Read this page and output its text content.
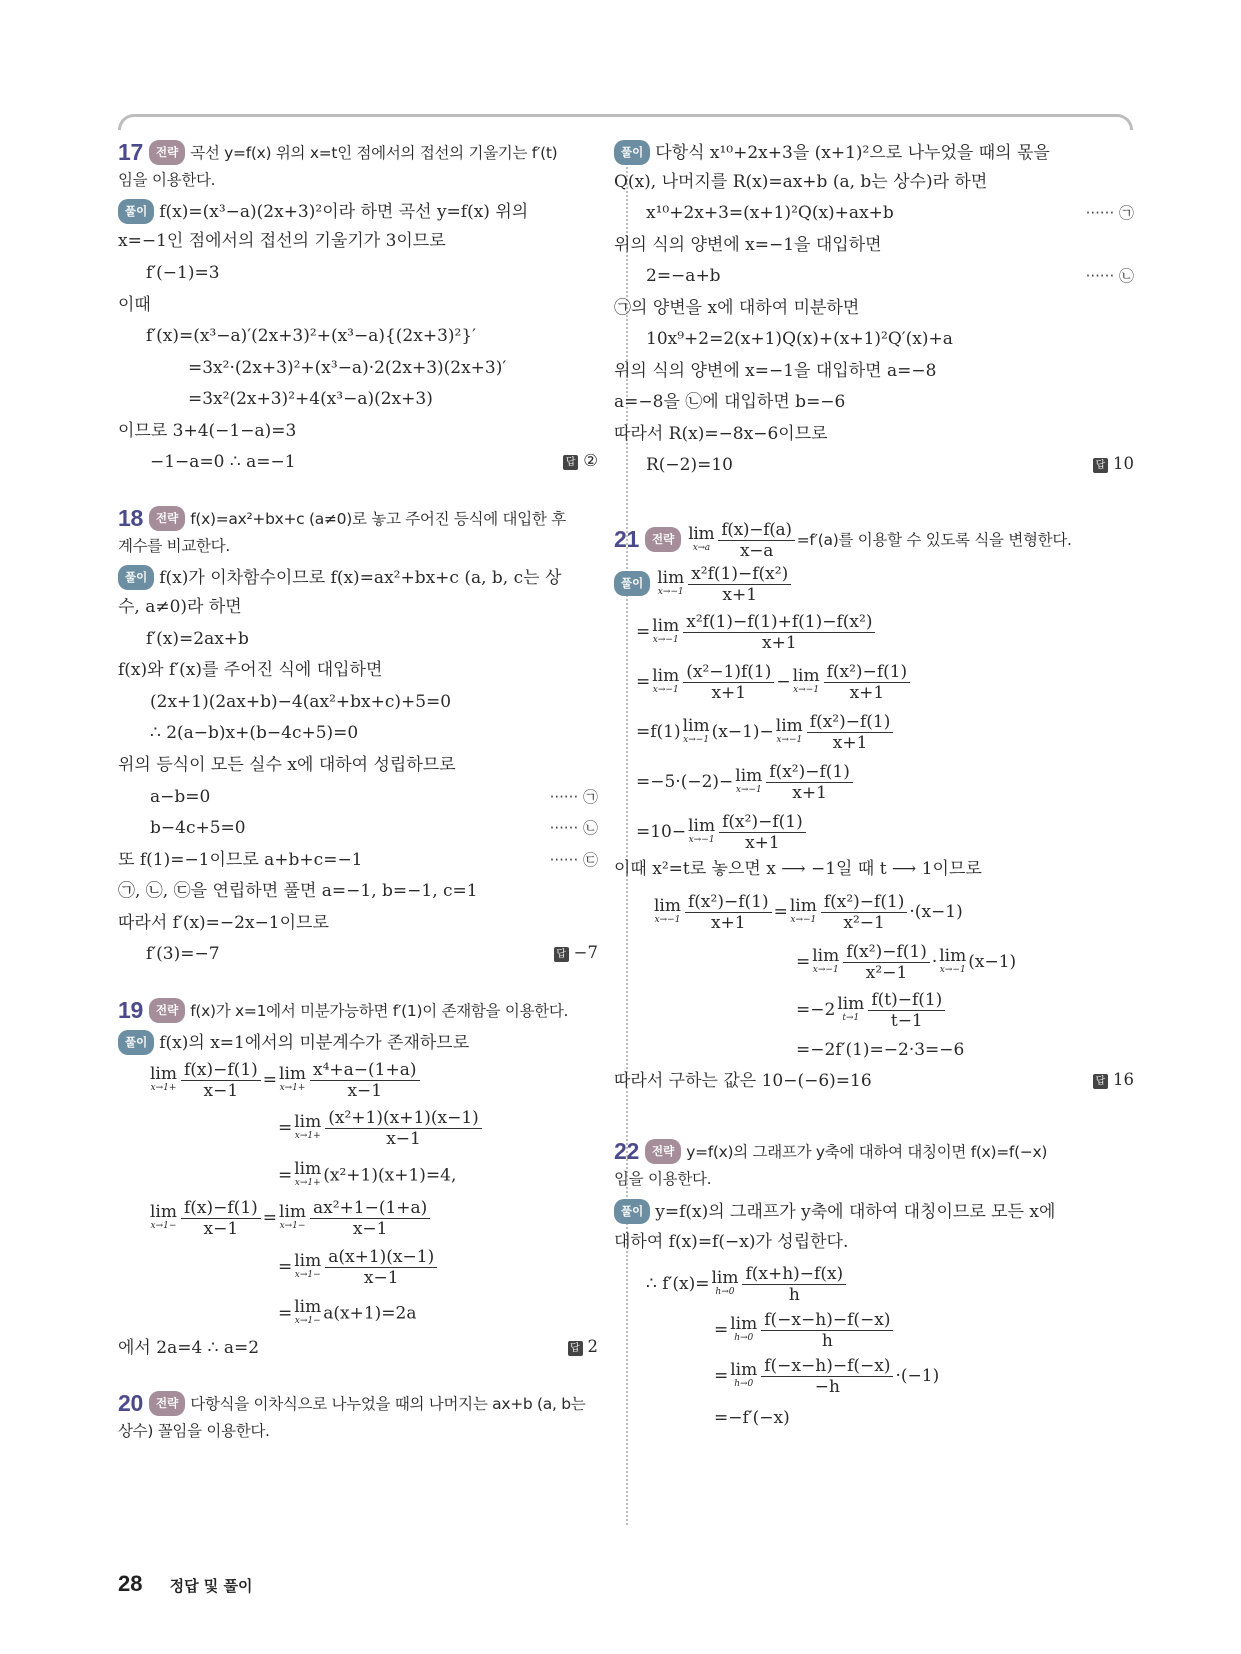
17 전략 곡선 y=f(x) 위의 x=t인 점에서의 접선의 기울기는 f′(t)
임을 이용한다.
풀이 f(x)=(x³−a)(2x+3)²이라 하면 곡선 y=f(x) 위의
x=−1인 점에서의 접선의 기울기가 3이므로
f′(−1)=3
이때
f′(x)=(x³−a)′(2x+3)²+(x³−a){(2x+3)²}′
=3x²·(2x+3)²+(x³−a)·2(2x+3)(2x+3)′
=3x²(2x+3)²+4(x³−a)(2x+3)
이므로 3+4(−1−a)=3
−1−a=0 ∴ a=−1	답 ②
18 전략 f(x)=ax²+bx+c (a≠0)로 놓고 주어진 등식에 대입한 후
계수를 비교한다.
풀이 f(x)가 이차함수이므로 f(x)=ax²+bx+c (a, b, c는 상
수, a≠0)라 하면
f′(x)=2ax+b
f(x)와 f′(x)를 주어진 식에 대입하면
(2x+1)(2ax+b)−4(ax²+bx+c)+5=0
∴ 2(a−b)x+(b−4c+5)=0
위의 등식이 모든 실수 x에 대하여 성립하므로
a−b=0	······ ㉠
b−4c+5=0	······ ㉡
또 f(1)=−1이므로 a+b+c=−1	······ ㉢
㉠, ㉡, ㉢을 연립하면 풀면 a=−1, b=−1, c=1
따라서 f′(x)=−2x−1이므로
f′(3)=−7	답 −7
19 전략 f(x)가 x=1에서 미분가능하면 f′(1)이 존재함을 이용한다.
풀이 f(x)의 x=1에서의 미분계수가 존재하므로
lim
$x\to 1+ \frac{f(x)-f(1)}{x-1} = \lim$
$x\to 1+ \frac{\text{x⁴+a−(1+a)}}{x-1}$
= lim
$x\to 1+ \frac{\text{(x²+1)(x+1)(x−1)}}{x-1}$
= lim
x→1+ (x²+1)(x+1)=4,
lim
$x\to 1- \frac{f(x)-f(1)}{x-1} = \lim$
$x\to 1- \frac{\text{ax²+1−(1+a)}}{x-1}$
= lim
$x\to 1- \frac{a(x+1)(x-1)}{x-1}$
= lim
x→1− a(x+1)=2a
에서 2a=4 ∴ a=2	답 2
20 전략 다항식을 이차식으로 나누었을 때의 나머지는 ax+b (a, b는
상수) 꼴임을 이용한다.
풀이 다항식 x¹⁰+2x+3을 (x+1)²으로 나누었을 때의 몫을
Q(x), 나머지를 R(x)=ax+b (a, b는 상수)라 하면
x¹⁰+2x+3=(x+1)²Q(x)+ax+b	······ ㉠
위의 식의 양변에 x=−1을 대입하면
2=−a+b	······ ㉡
㉠의 양변을 x에 대하여 미분하면
10x⁹+2=2(x+1)Q(x)+(x+1)²Q′(x)+a
위의 식의 양변에 x=−1을 대입하면 a=−8
a=−8을 ㉡에 대입하면 b=−6
따라서 R(x)=−8x−6이므로
R(−2)=10	답 10
21 전략 lim
$x\to a \frac{f(x)-f(a)}{x-a} =f'(a)$를 이용할 수 있도록 식을 변형한다.
풀이 lim
$x\to-1 \frac{\text{x²f(1)−f(x²)}}{x+1}$
= lim
$x\to-1 \frac{\text{x²f(1)−f(1)+f(1)−f(x²)}}{x+1}$
= lim
$x\to-1 \frac{\text{(x²−1)f(1)}}{x+1} - \lim$
$x\to-1 \frac{\text{f(x²)−f(1)}}{x+1}$
=f(1) lim
x→−1 (x−1)− lim
$x\to-1 \frac{\text{f(x²)−f(1)}}{x+1}$
=−5·(−2)− lim
$x\to-1 \frac{\text{f(x²)−f(1)}}{x+1}$
=10− lim
$x\to-1 \frac{\text{f(x²)−f(1)}}{x+1}$
이때 x²=t로 놓으면 x ⟶ −1일 때 t ⟶ 1이므로
lim
$x\to-1 \frac{\text{f(x²)−f(1)}}{x+1} = \lim$
$x\to-1 \frac{\text{f(x²)−f(1)}}{\text{x²−1}} \cdot(x-1)$
= lim
$x\to-1 \frac{\text{f(x²)−f(1)}}{\text{x²−1}} \cdot \lim$
x→−1 (x−1)
=−2 lim
$t\to 1 \frac{f(t)-f(1)}{t-1}$
=−2f′(1)=−2·3=−6
따라서 구하는 값은 10−(−6)=16	답 16
22 전략 y=f(x)의 그래프가 y축에 대하여 대칭이면 f(x)=f(−x)
임을 이용한다.
풀이 y=f(x)의 그래프가 y축에 대하여 대칭이므로 모든 x에
대하여 f(x)=f(−x)가 성립한다.
∴ f′(x)= lim
$h\to 0 \frac{f(x+h)-f(x)}{h}$
= lim
$h\to 0 \frac{f(-x-h)-f(-x)}{h}$
= lim
$h\to 0 \frac{f(-x-h)-f(-x)}{-h} \cdot(-1)$
=−f′(−x)
28 정답 및 풀이
